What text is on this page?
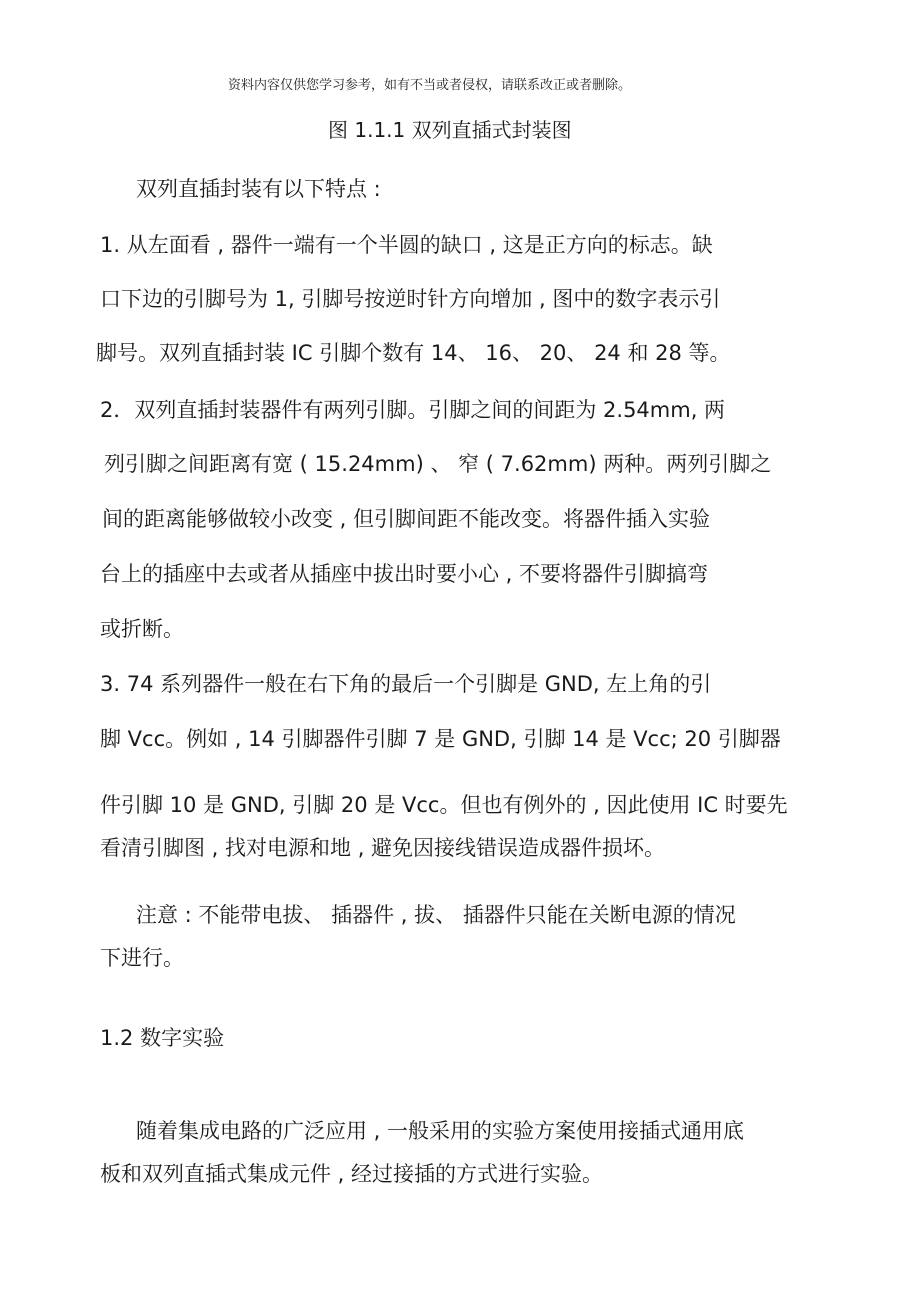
资料内容仅供您学习参考，如有不当或者侵权，请联系改正或者删除。
图 1.1.1 双列直插式封装图
双列直插封装有以下特点 :
1. 从左面看 , 器件一端有一个半圆的缺口 , 这是正方向的标志。缺
口下边的引脚号为 1, 引脚号按逆时针方向增加 , 图中的数字表示引
脚号。双列直插封装 IC 引脚个数有 14、 16、 20、 24 和 28 等。
2．双列直插封装器件有两列引脚。引脚之间的间距为 2.54mm, 两
列引脚之间距离有宽 ( 15.24mm) 、 窄 ( 7.62mm) 两种。两列引脚之
间的距离能够做较小改变 , 但引脚间距不能改变。将器件插入实验
台上的插座中去或者从插座中拔出时要小心 , 不要将器件引脚搞弯
或折断。
3. 74 系列器件一般在右下角的最后一个引脚是 GND, 左上角的引
脚 Vcc。例如 , 14 引脚器件引脚 7 是 GND, 引脚 14 是 Vcc; 20 引脚器
件引脚 10 是 GND, 引脚 20 是 Vcc。但也有例外的 , 因此使用 IC 时要先
看清引脚图 , 找对电源和地 , 避免因接线错误造成器件损坏。
注意 : 不能带电拔、 插器件 , 拔、 插器件只能在关断电源的情况
下进行。
1.2 数字实验
随着集成电路的广泛应用 , 一般采用的实验方案使用接插式通用底
板和双列直插式集成元件 , 经过接插的方式进行实验。
